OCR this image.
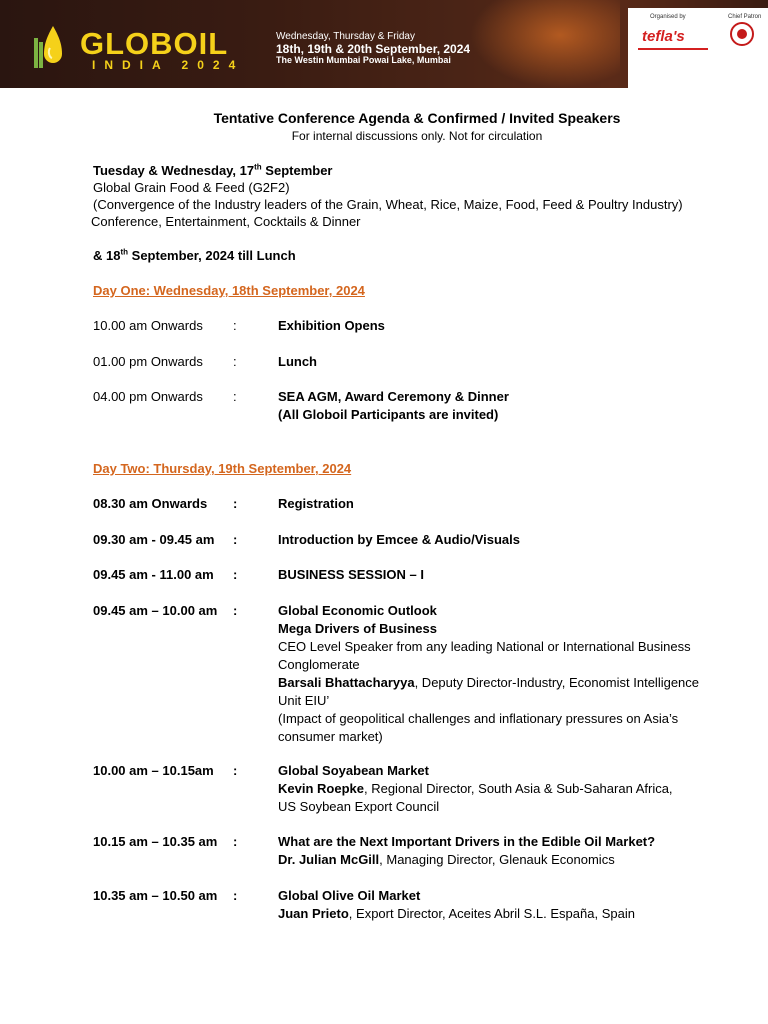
GLOBOIL
INDIA 2024
Wednesday, Thursday & Friday
18th, 19th & 20th September, 2024
The Westin Mumbai Powai Lake, Mumbai
Organised by	Chief Patron
tefla's
Tentative Conference Agenda & Confirmed / Invited Speakers
For internal discussions only. Not for circulation
Tuesday & Wednesday, 17th September
Global Grain Food & Feed (G2F2)
(Convergence of the Industry leaders of the Grain, Wheat, Rice, Maize, Food, Feed & Poultry Industry)
Conference, Entertainment, Cocktails & Dinner
& 18th September, 2024 till Lunch
Day One: Wednesday, 18th September, 2024
10.00 am Onwards :	Exhibition Opens
01.00 pm Onwards :	Lunch
04.00 pm Onwards :	SEA AGM, Award Ceremony & Dinner
(All Globoil Participants are invited)
Day Two: Thursday, 19th September, 2024
08.30 am Onwards :	Registration
09.30 am - 09.45 am :	Introduction by Emcee & Audio/Visuals
09.45 am - 11.00 am :	BUSINESS SESSION – I
09.45 am – 10.00 am :	Global Economic Outlook
Mega Drivers of Business
CEO Level Speaker from any leading National or International Business
Conglomerate
Barsali Bhattacharyya, Deputy Director-Industry, Economist Intelligence
Unit EIU’
(Impact of geopolitical challenges and inflationary pressures on Asia’s
consumer market)
10.00 am – 10.15am :	Global Soyabean Market
Kevin Roepke, Regional Director, South Asia & Sub-Saharan Africa,
US Soybean Export Council
10.15 am – 10.35 am :	What are the Next Important Drivers in the Edible Oil Market?
Dr. Julian McGill, Managing Director, Glenauk Economics
10.35 am – 10.50 am :	Global Olive Oil Market
Juan Prieto, Export Director, Aceites Abril S.L. España, Spain
